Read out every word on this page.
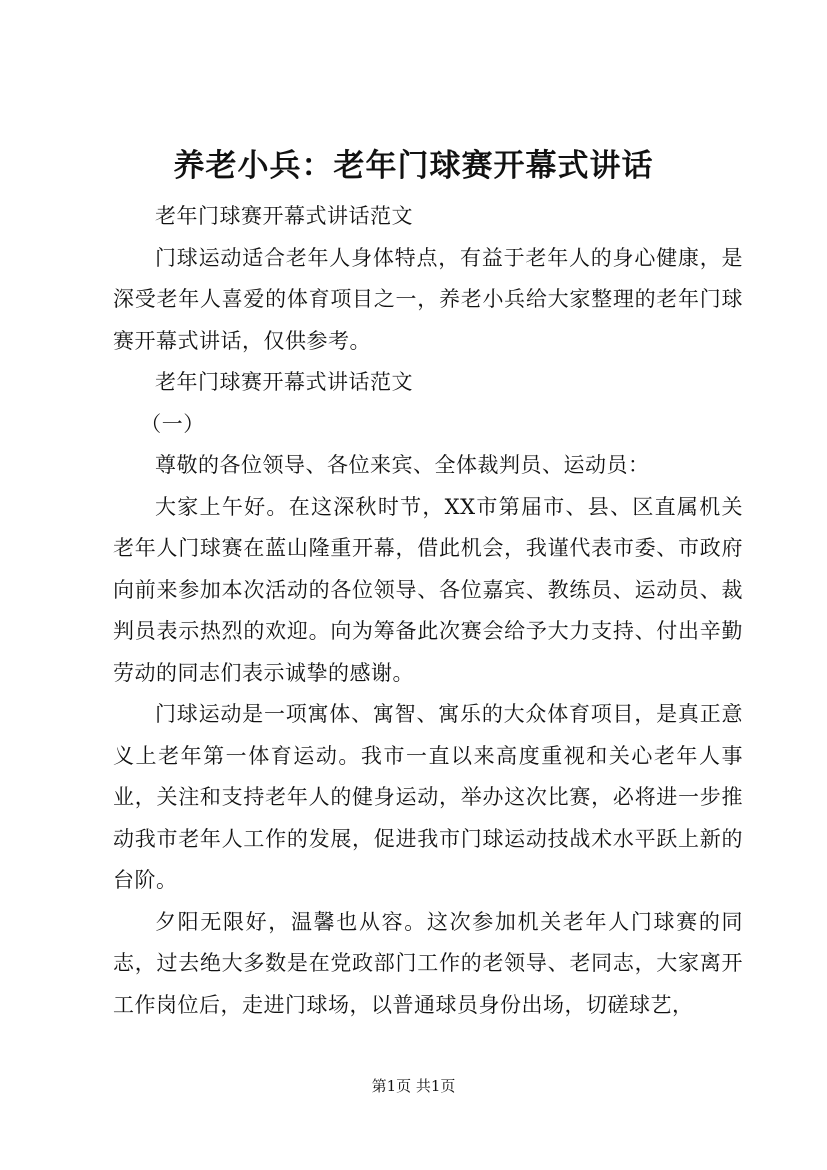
养老小兵：老年门球赛开幕式讲话

老年门球赛开幕式讲话范文

门球运动适合老年人身体特点，有益于老年人的身心健康，是深受老年人喜爱的体育项目之一，养老小兵给大家整理的老年门球赛开幕式讲话，仅供参考。

老年门球赛开幕式讲话范文

（一）

尊敬的各位领导、各位来宾、全体裁判员、运动员：

大家上午好。在这深秋时节，XX市第届市、县、区直属机关老年人门球赛在蓝山隆重开幕，借此机会，我谨代表市委、市政府向前来参加本次活动的各位领导、各位嘉宾、教练员、运动员、裁判员表示热烈的欢迎。向为筹备此次赛会给予大力支持、付出辛勤劳动的同志们表示诚挚的感谢。

门球运动是一项寓体、寓智、寓乐的大众体育项目，是真正意义上老年第一体育运动。我市一直以来高度重视和关心老年人事业，关注和支持老年人的健身运动，举办这次比赛，必将进一步推动我市老年人工作的发展，促进我市门球运动技战术水平跃上新的台阶。

夕阳无限好，温馨也从容。这次参加机关老年人门球赛的同志，过去绝大多数是在党政部门工作的老领导、老同志，大家离开工作岗位后，走进门球场，以普通球员身份出场，切磋球艺，

第1页 共1页
